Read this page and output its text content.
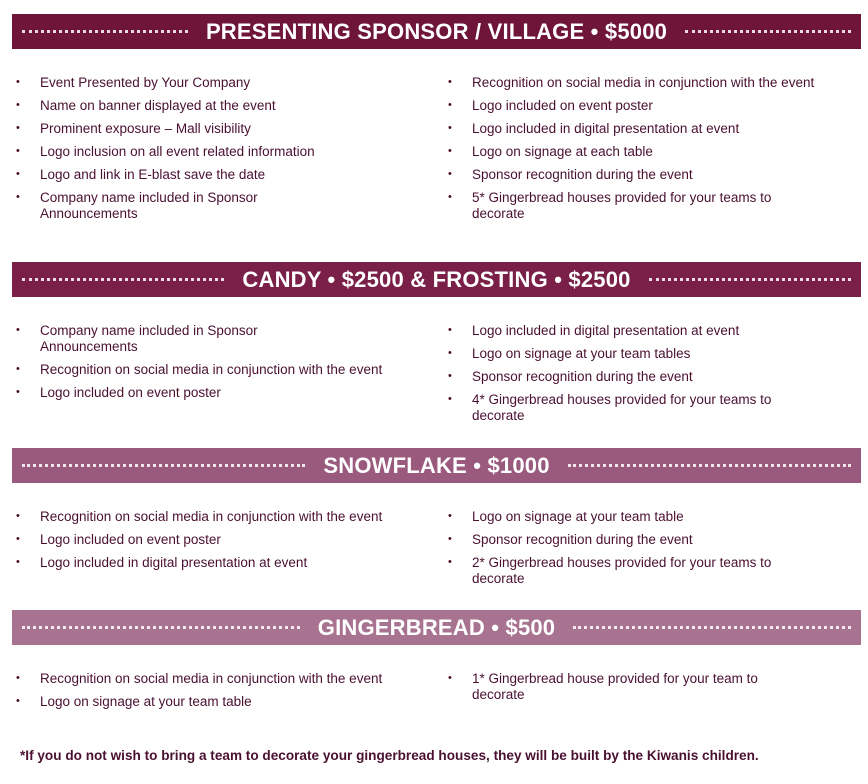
PRESENTING SPONSOR / VILLAGE • $5000
• Event Presented by Your Company
• Name on banner displayed at the event
• Prominent exposure – Mall visibility
• Logo inclusion on all event related information
• Logo and link in E-blast save the date
• Company name included in Sponsor Announcements
• Recognition on social media in conjunction with the event
• Logo included on event poster
• Logo included in digital presentation at event
• Logo on signage at each table
• Sponsor recognition during the event
• 5* Gingerbread houses provided for your teams to decorate
CANDY • $2500 & FROSTING • $2500
• Company name included in Sponsor Announcements
• Recognition on social media in conjunction with the event
• Logo included on event poster
• Logo included in digital presentation at event
• Logo on signage at your team tables
• Sponsor recognition during the event
• 4* Gingerbread houses provided for your teams to decorate
SNOWFLAKE • $1000
• Recognition on social media in conjunction with the event
• Logo included on event poster
• Logo included in digital presentation at event
• Logo on signage at your team table
• Sponsor recognition during the event
• 2* Gingerbread houses provided for your teams to decorate
GINGERBREAD • $500
• Recognition on social media in conjunction with the event
• Logo on signage at your team table
• 1* Gingerbread house provided for your team to decorate
*If you do not wish to bring a team to decorate your gingerbread houses, they will be built by the Kiwanis children.
